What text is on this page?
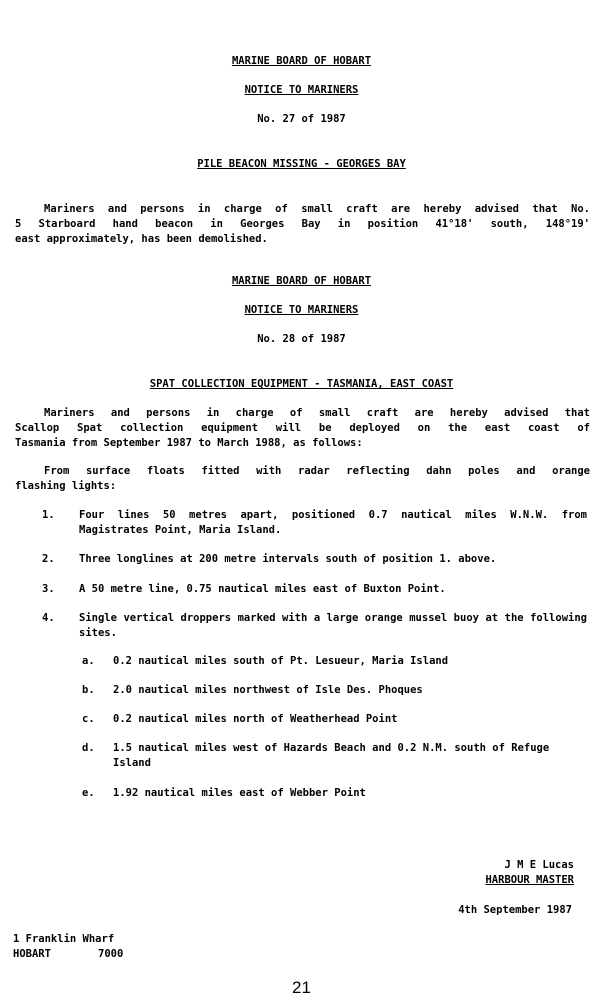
MARINE BOARD OF HOBART
NOTICE TO MARINERS
No. 27 of 1987
PILE BEACON MISSING - GEORGES BAY
Mariners and persons in charge of small craft are hereby advised that No.
5 Starboard hand beacon in Georges Bay in position 41°18' south, 148°19'
east approximately, has been demolished.
MARINE BOARD OF HOBART
NOTICE TO MARINERS
No. 28 of 1987
SPAT COLLECTION EQUIPMENT - TASMANIA, EAST COAST
Mariners and persons in charge of small craft are hereby advised that
Scallop Spat collection equipment will be deployed on the east coast of
Tasmania from September 1987 to March 1988, as follows:
From surface floats fitted with radar reflecting dahn poles and orange
flashing lights:
1.	Four lines 50 metres apart, positioned 0.7 nautical miles W.N.W. from Magistrates Point, Maria Island.
2.	Three longlines at 200 metre intervals south of position 1. above.
3.	A 50 metre line, 0.75 nautical miles east of Buxton Point.
4.	Single vertical droppers marked with a large orange mussel buoy at the following sites.
a. 0.2 nautical miles south of Pt. Lesueur, Maria Island
b. 2.0 nautical miles northwest of Isle Des. Phoques
c. 0.2 nautical miles north of Weatherhead Point
d. 1.5 nautical miles west of Hazards Beach and 0.2 N.M. south of Refuge Island
e. 1.92 nautical miles east of Webber Point
J M E Lucas
HARBOUR MASTER
4th September 1987
1 Franklin Wharf
HOBART	7000
21
